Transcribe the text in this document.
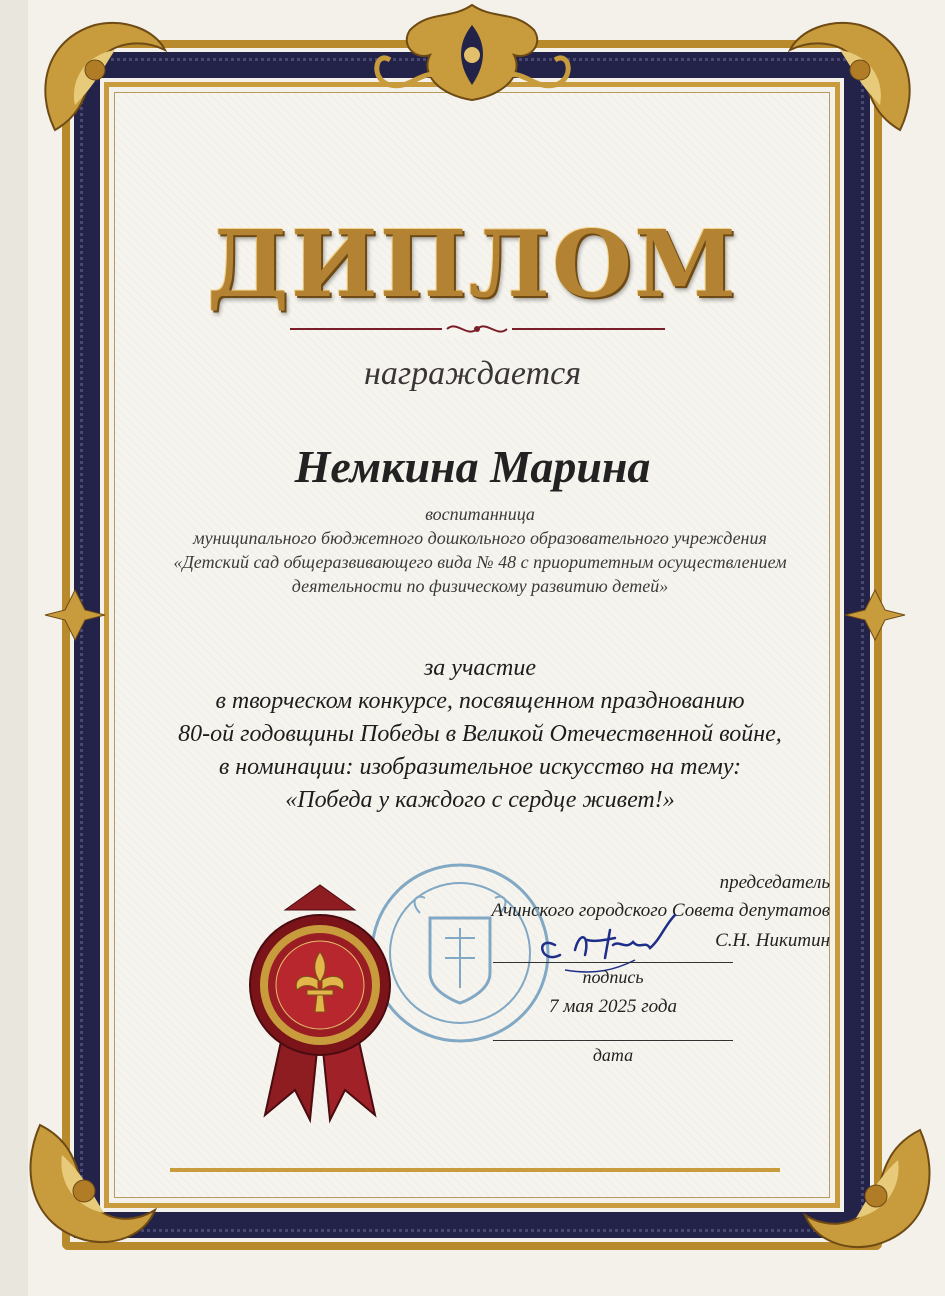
ДИПЛОМ
награждается
Немкина Марина
воспитанница
муниципального бюджетного дошкольного образовательного учреждения
«Детский сад общеразвивающего вида № 48 с приоритетным осуществлением
деятельности по физическому развитию детей»
за участие
в творческом конкурсе, посвященном празднованию
80-ой годовщины Победы в Великой Отечественной войне,
в номинации: изобразительное искусство на тему:
«Победа у каждого с сердце живет!»
председатель
Ачинского городского Совета депутатов
С.Н. Никитин
подпись
7 мая 2025 года
дата
